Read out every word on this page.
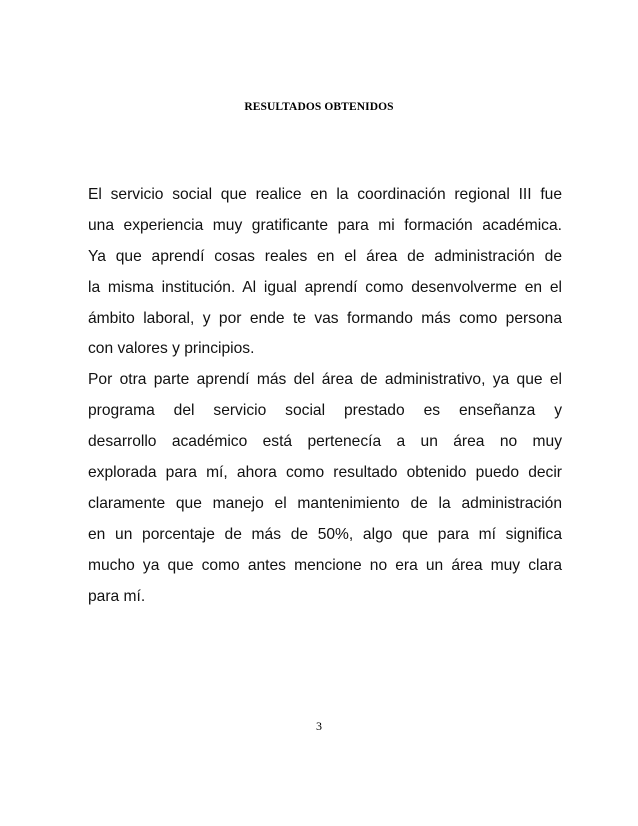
RESULTADOS OBTENIDOS
El servicio social que realice en la coordinación regional III fue
una experiencia muy gratificante para mi formación académica.
Ya que aprendí cosas reales en el área de administración de
la misma institución. Al igual aprendí como desenvolverme en el
ámbito laboral, y por ende te vas formando más como persona
con valores y principios.
Por otra parte aprendí más del área de administrativo, ya que el
programa del servicio social prestado es enseñanza y
desarrollo académico está pertenecía a un área no muy
explorada para mí, ahora como resultado obtenido puedo decir
claramente que manejo el mantenimiento de la administración
en un porcentaje de más de 50%, algo que para mí significa
mucho ya que como antes mencione no era un área muy clara
para mí.
3
